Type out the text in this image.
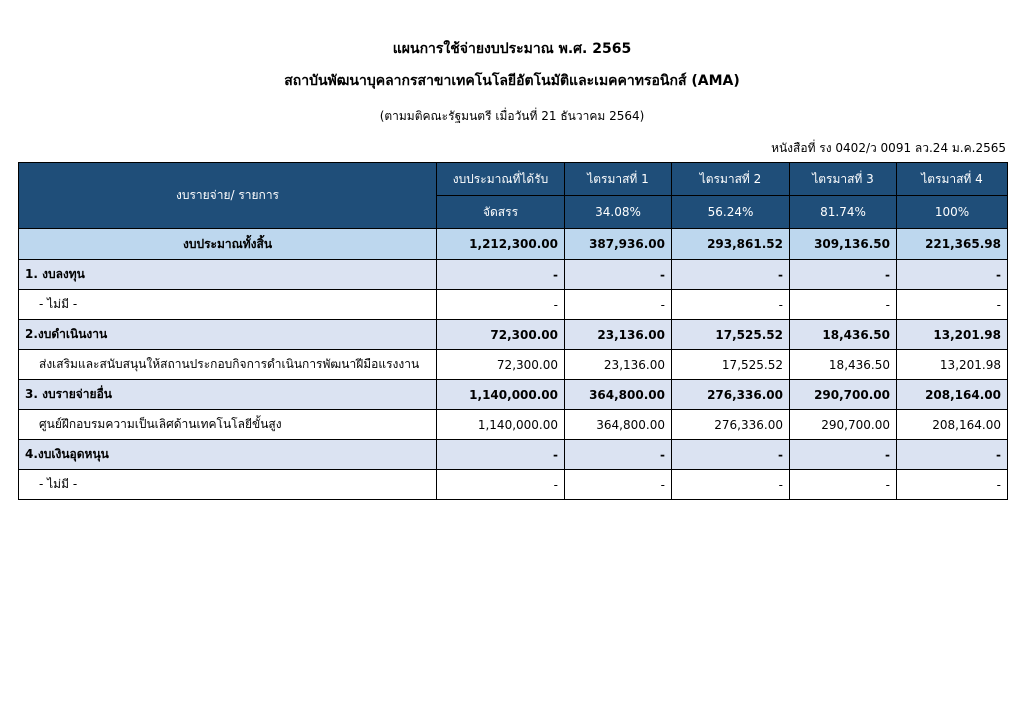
แผนการใช้จ่ายงบประมาณ พ.ศ. 2565
สถาบันพัฒนาบุคลากรสาขาเทคโนโลยีอัตโนมัติและเมคคาทรอนิกส์ (AMA)
(ตามมติคณะรัฐมนตรี เมื่อวันที่ 21 ธันวาคม 2564)
หนังสือที่ รง 0402/ว 0091 ลว.24 ม.ค.2565
งบรายจ่าย/ รายการ	งบประมาณที่ได้รับ	ไตรมาสที่ 1	ไตรมาสที่ 2	ไตรมาสที่ 3	ไตรมาสที่ 4
	จัดสรร	34.08%	56.24%	81.74%	100%
งบประมาณทั้งสิ้น	1,212,300.00	387,936.00	293,861.52	309,136.50	221,365.98
1. งบลงทุน	-	-	-	-	-
- ไม่มี -	-	-	-	-	-
2.งบดำเนินงาน	72,300.00	23,136.00	17,525.52	18,436.50	13,201.98
ส่งเสริมและสนับสนุนให้สถานประกอบกิจการดำเนินการพัฒนาฝีมือแรงงาน	72,300.00	23,136.00	17,525.52	18,436.50	13,201.98
3. งบรายจ่ายอื่น	1,140,000.00	364,800.00	276,336.00	290,700.00	208,164.00
ศูนย์ฝึกอบรมความเป็นเลิศด้านเทคโนโลยีขั้นสูง	1,140,000.00	364,800.00	276,336.00	290,700.00	208,164.00
4.งบเงินอุดหนุน	-	-	-	-	-
- ไม่มี -	-	-	-	-	-
